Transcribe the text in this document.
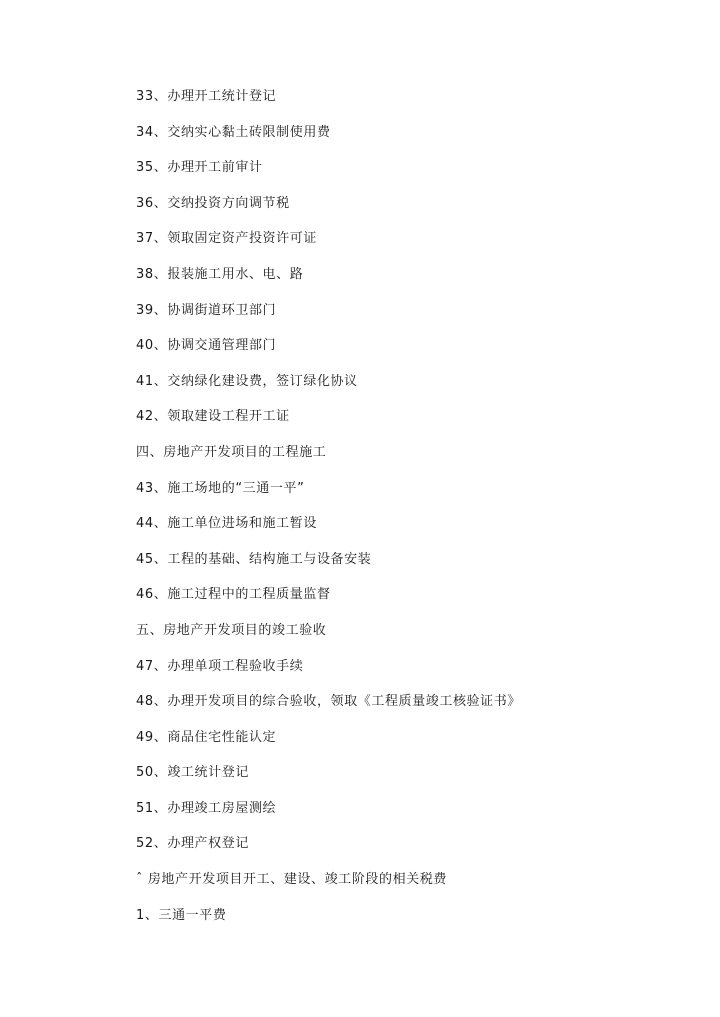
33、办理开工统计登记
34、交纳实心黏土砖限制使用费
35、办理开工前审计
36、交纳投资方向调节税
37、领取固定资产投资许可证
38、报装施工用水、电、路
39、协调街道环卫部门
40、协调交通管理部门
41、交纳绿化建设费，签订绿化协议
42、领取建设工程开工证
四、房地产开发项目的工程施工
43、施工场地的“三通一平”
44、施工单位进场和施工暂设
45、工程的基础、结构施工与设备安装
46、施工过程中的工程质量监督
五、房地产开发项目的竣工验收
47、办理单项工程验收手续
48、办理开发项目的综合验收，领取《工程质量竣工核验证书》
49、商品住宅性能认定
50、竣工统计登记
51、办理竣工房屋测绘
52、办理产权登记
ˆ 房地产开发项目开工、建设、竣工阶段的相关税费
1、三通一平费
